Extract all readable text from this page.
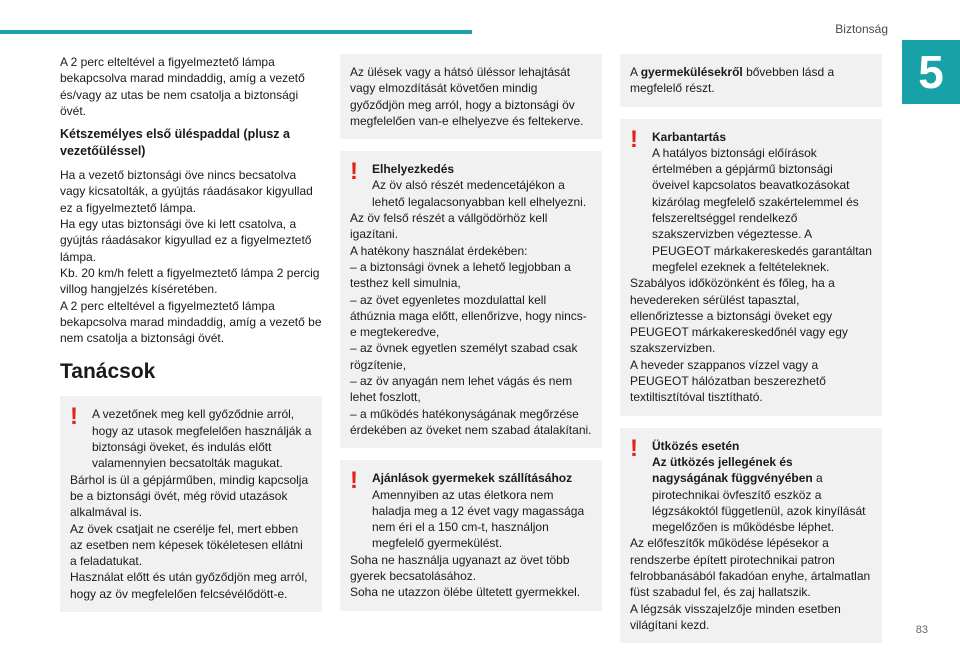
Biztonság
5

A 2 perc elteltével a figyelmeztető lámpa bekapcsolva marad mindaddig, amíg a vezető és/vagy az utas be nem csatolja a biztonsági övét.

Kétszemélyes első üléspaddal (plusz a vezetőüléssel)

Ha a vezető biztonsági öve nincs becsatolva vagy kicsatolták, a gyújtás ráadásakor kigyullad ez a figyelmeztető lámpa.
Ha egy utas biztonsági öve ki lett csatolva, a gyújtás ráadásakor kigyullad ez a figyelmeztető lámpa.
Kb. 20 km/h felett a figyelmeztető lámpa 2 percig villog hangjelzés kíséretében.
A 2 perc elteltével a figyelmeztető lámpa bekapcsolva marad mindaddig, amíg a vezető be nem csatolja a biztonsági övét.

Tanácsok
!	A vezetőnek meg kell győződnie arról, hogy az utasok megfelelően használják a biztonsági öveket, és indulás előtt valamennyien becsatolták magukat.
Bárhol is ül a gépjárműben, mindig kapcsolja be a biztonsági övét, még rövid utazások alkalmával is.
Az övek csatjait ne cserélje fel, mert ebben az esetben nem képesek tökéletesen ellátni a feladatukat.
Használat előtt és után győződjön meg arról, hogy az öv megfelelően felcsévélődött-e.
Az ülések vagy a hátsó üléssor lehajtását vagy elmozdítását követően mindig győződjön meg arról, hogy a biztonsági öv megfelelően van-e elhelyezve és feltekerve.
!	Elhelyezkedés
Az öv alsó részét medencetájékon a lehető legalacsonyabban kell elhelyezni.
Az öv felső részét a vállgödörhöz kell igazítani.
A hatékony használat érdekében:
– a biztonsági övnek a lehető legjobban a testhez kell simulnia,
– az övet egyenletes mozdulattal kell áthúznia maga előtt, ellenőrizve, hogy nincs-e megtekeredve,
– az övnek egyetlen személyt szabad csak rögzítenie,
– az öv anyagán nem lehet vágás és nem lehet foszlott,
– a működés hatékonyságának megőrzése érdekében az öveket nem szabad átalakítani.
!	Ajánlások gyermekek szállításához
Amennyiben az utas életkora nem haladja meg a 12 évet vagy magassága nem éri el a 150 cm-t, használjon megfelelő gyermekülést.
Soha ne használja ugyanazt az övet több gyerek becsatolásához.
Soha ne utazzon ölébe ültetett gyermekkel.
A gyermekülésekről bővebben lásd a megfelelő részt.
!	Karbantartás
A hatályos biztonsági előírások értelmében a gépjármű biztonsági öveivel kapcsolatos beavatkozásokat kizárólag megfelelő szakértelemmel és felszereltséggel rendelkező szakszervizben végeztesse. A PEUGEOT márkakereskedés garantáltan megfelel ezeknek a feltételeknek.
Szabályos időközönként és főleg, ha a hevedereken sérülést tapasztal, ellenőriztesse a biztonsági öveket egy PEUGEOT márkakereskedőnél vagy egy szakszervizben.
A heveder szappanos vízzel vagy a PEUGEOT hálózatban beszerezhető textiltisztítóval tisztítható.
!	Ütközés esetén
Az ütközés jellegének és nagyságának függvényében a pirotechnikai övfeszítő eszköz a légzsákoktól függetlenül, azok kinyílását megelőzően is működésbe léphet.
Az előfeszítők működése lépésekor a rendszerbe épített pirotechnikai patron felrobbanásából fakadóan enyhe, ártalmatlan füst szabadul fel, és zaj hallatszik.
A légzsák visszajelzője minden esetben világítani kezd.	83
